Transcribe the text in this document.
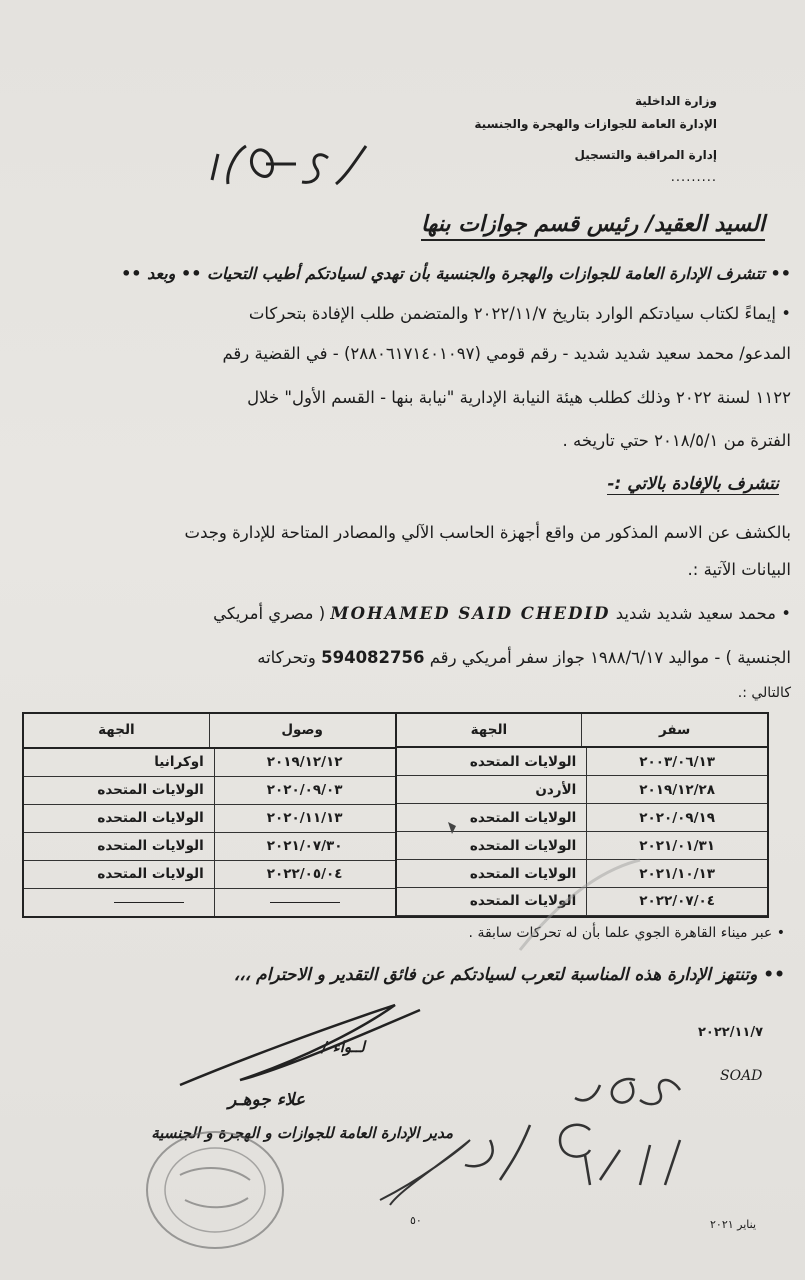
وزارة الداخلية
الإدارة العامة للجوازات والهجرة والجنسية
إدارة المراقبة والتسجيل
.........
السيد العقيد/ رئيس قسم جوازات بنها
•• تتشرف الإدارة العامة للجوازات والهجرة والجنسية بأن تهدي لسيادتكم أطيب التحيات •• وبعد ••
• إيماءً لكتاب سيادتكم الوارد بتاريخ ٢٠٢٢/١١/٧ والمتضمن طلب الإفادة بتحركات
المدعو/ محمد سعيد شديد شديد - رقم قومي (٢٨٨٠٦١٧١٤٠١٠٩٧) - في القضية رقم
١١٢٢ لسنة ٢٠٢٢ وذلك كطلب هيئة النيابة الإدارية "نيابة بنها - القسم الأول" خلال
الفترة من ٢٠١٨/٥/١ حتي تاريخه .
نتشرف بالإفادة بالاتي :-
بالكشف عن الاسم المذكور من واقع أجهزة الحاسب الآلي والمصادر المتاحة للإدارة وجدت
البيانات الآتية :.
• محمد سعيد شديد شديد MOHAMED SAID CHEDID ( مصري أمريكي
الجنسية ) - مواليد ١٩٨٨/٦/١٧ جواز سفر أمريكي رقم 594082756 وتحركاته
كالتالي :.
سفر
الجهة
٢٠٠٣/٠٦/١٣
الولايات المتحده
٢٠١٩/١٢/٢٨
الأردن
٢٠٢٠/٠٩/١٩
الولايات المتحده
٢٠٢١/٠١/٣١
الولايات المتحده
٢٠٢١/١٠/١٣
الولايات المتحده
٢٠٢٢/٠٧/٠٤
الولايات المتحده
وصول
الجهة
٢٠١٩/١٢/١٢
اوكرانيا
٢٠٢٠/٠٩/٠٣
الولايات المتحده
٢٠٢٠/١١/١٣
الولايات المتحده
٢٠٢١/٠٧/٣٠
الولايات المتحده
٢٠٢٢/٠٥/٠٤
الولايات المتحده
• عبر ميناء القاهرة الجوي علما بأن له تحركات سابقة .
•• وتنتهز الإدارة هذه المناسبة لتعرب لسيادتكم عن فائق التقدير و الاحترام ،،،
٢٠٢٢/١١/٧
لــواء /
علاء جوهـر
SOAD
مدير الإدارة العامة للجوازات و الهجرة و الجنسية
٥٠	يناير ٢٠٢١
